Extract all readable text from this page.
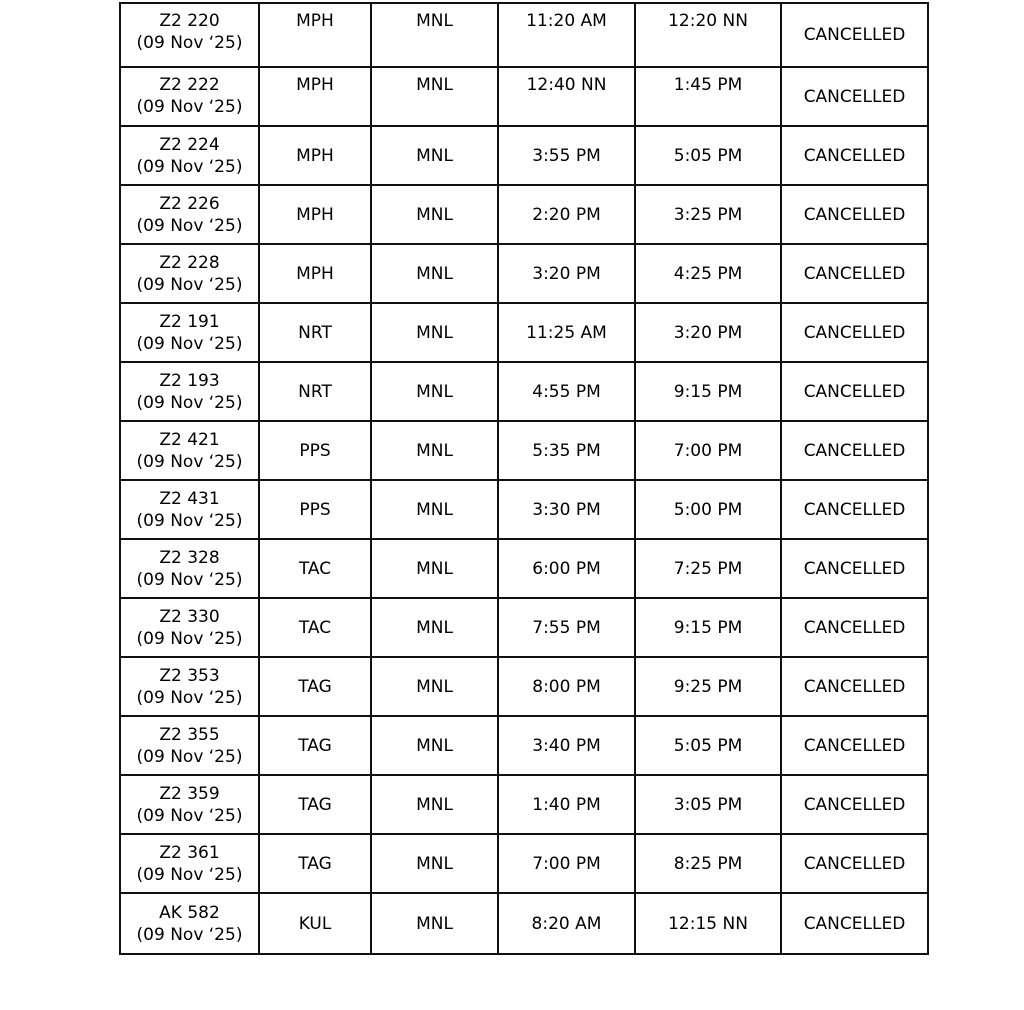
Z2 220
(09 Nov ‘25)	MPH	MNL	11:20 AM	12:20 NN	CANCELLED

Z2 222
(09 Nov ‘25)	MPH	MNL	12:40 NN	1:45 PM	CANCELLED

Z2 224
(09 Nov ‘25)	MPH	MNL	3:55 PM	5:05 PM	CANCELLED

Z2 226
(09 Nov ‘25)	MPH	MNL	2:20 PM	3:25 PM	CANCELLED

Z2 228
(09 Nov ‘25)	MPH	MNL	3:20 PM	4:25 PM	CANCELLED

Z2 191
(09 Nov ‘25)	NRT	MNL	11:25 AM	3:20 PM	CANCELLED

Z2 193
(09 Nov ‘25)	NRT	MNL	4:55 PM	9:15 PM	CANCELLED

Z2 421
(09 Nov ‘25)	PPS	MNL	5:35 PM	7:00 PM	CANCELLED

Z2 431
(09 Nov ‘25)	PPS	MNL	3:30 PM	5:00 PM	CANCELLED

Z2 328
(09 Nov ‘25)	TAC	MNL	6:00 PM	7:25 PM	CANCELLED

Z2 330
(09 Nov ‘25)	TAC	MNL	7:55 PM	9:15 PM	CANCELLED

Z2 353
(09 Nov ‘25)	TAG	MNL	8:00 PM	9:25 PM	CANCELLED

Z2 355
(09 Nov ‘25)	TAG	MNL	3:40 PM	5:05 PM	CANCELLED

Z2 359
(09 Nov ‘25)	TAG	MNL	1:40 PM	3:05 PM	CANCELLED

Z2 361
(09 Nov ‘25)	TAG	MNL	7:00 PM	8:25 PM	CANCELLED

AK 582
(09 Nov ‘25)	KUL	MNL	8:20 AM	12:15 NN	CANCELLED
